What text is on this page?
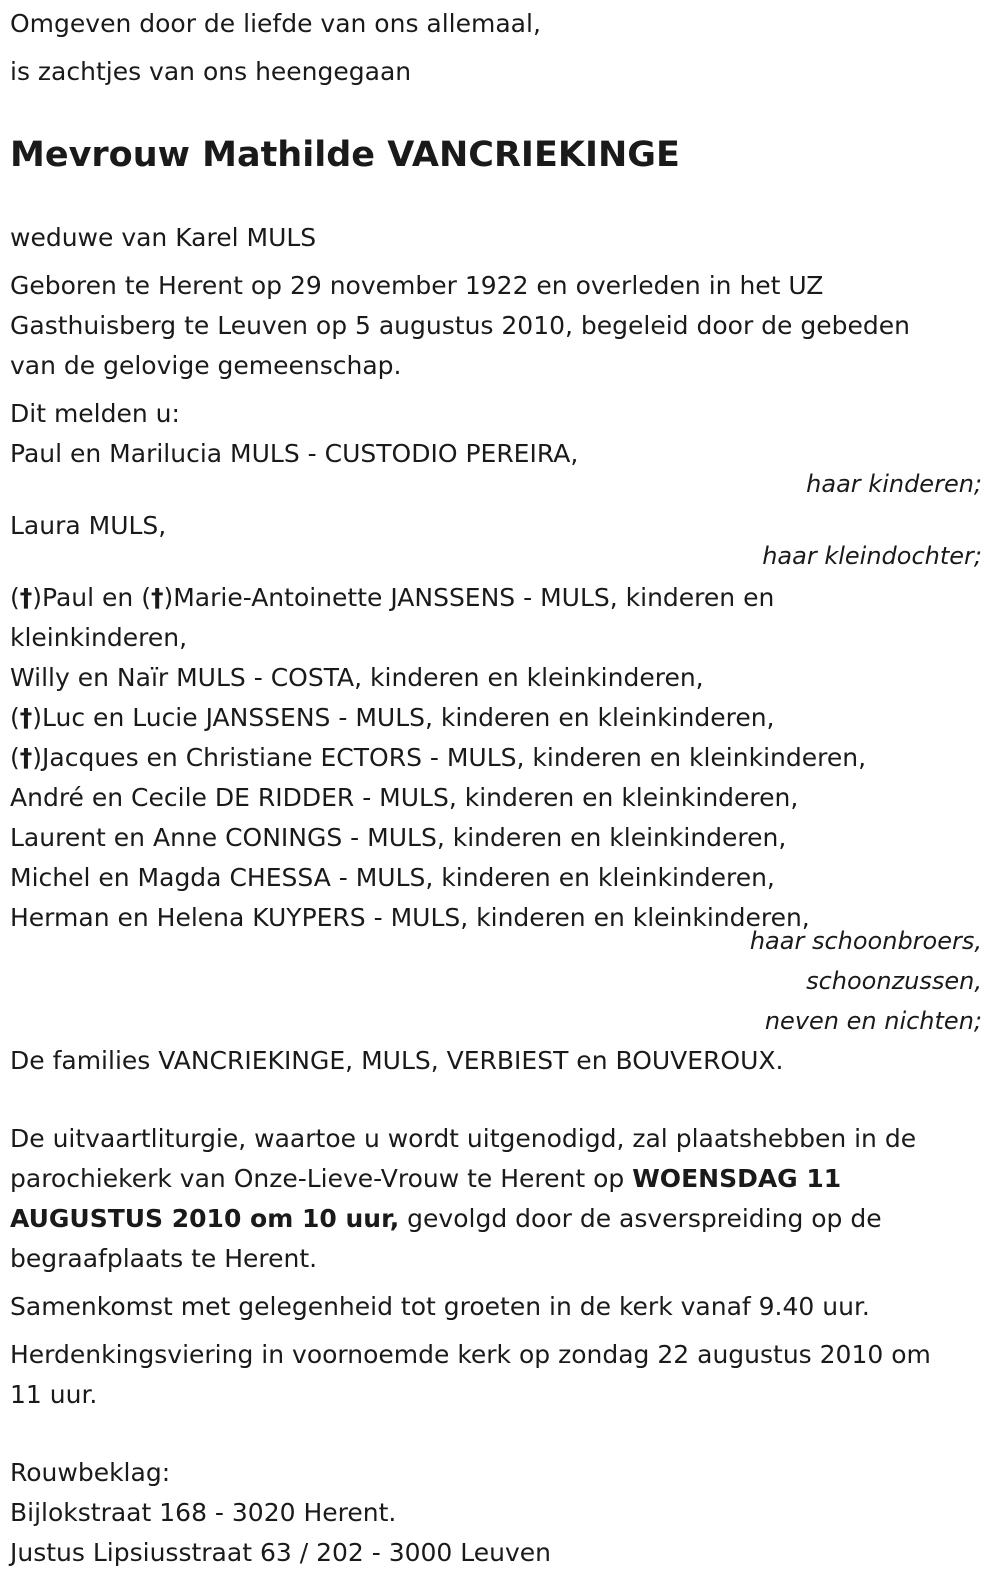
Omgeven door de liefde van ons allemaal,
is zachtjes van ons heengegaan
Mevrouw Mathilde VANCRIEKINGE
weduwe van Karel MULS
Geboren te Herent op 29 november 1922 en overleden in het UZ
Gasthuisberg te Leuven op 5 augustus 2010, begeleid door de gebeden
van de gelovige gemeenschap.
Dit melden u:
Paul en Marilucia MULS - CUSTODIO PEREIRA,
haar kinderen;
Laura MULS,
haar kleindochter;
(†)Paul en (†)Marie-Antoinette JANSSENS - MULS, kinderen en
kleinkinderen,
Willy en Naïr MULS - COSTA, kinderen en kleinkinderen,
(†)Luc en Lucie JANSSENS - MULS, kinderen en kleinkinderen,
(†)Jacques en Christiane ECTORS - MULS, kinderen en kleinkinderen,
André en Cecile DE RIDDER - MULS, kinderen en kleinkinderen,
Laurent en Anne CONINGS - MULS, kinderen en kleinkinderen,
Michel en Magda CHESSA - MULS, kinderen en kleinkinderen,
Herman en Helena KUYPERS - MULS, kinderen en kleinkinderen,
haar schoonbroers,
schoonzussen,
neven en nichten;
De families VANCRIEKINGE, MULS, VERBIEST en BOUVEROUX.
De uitvaartliturgie, waartoe u wordt uitgenodigd, zal plaatshebben in de
parochiekerk van Onze-Lieve-Vrouw te Herent op WOENSDAG 11
AUGUSTUS 2010 om 10 uur, gevolgd door de asverspreiding op de
begraafplaats te Herent.
Samenkomst met gelegenheid tot groeten in de kerk vanaf 9.40 uur.
Herdenkingsviering in voornoemde kerk op zondag 22 augustus 2010 om
11 uur.
Rouwbeklag:
Bijlokstraat 168 - 3020 Herent.
Justus Lipsiusstraat 63 / 202 - 3000 Leuven
